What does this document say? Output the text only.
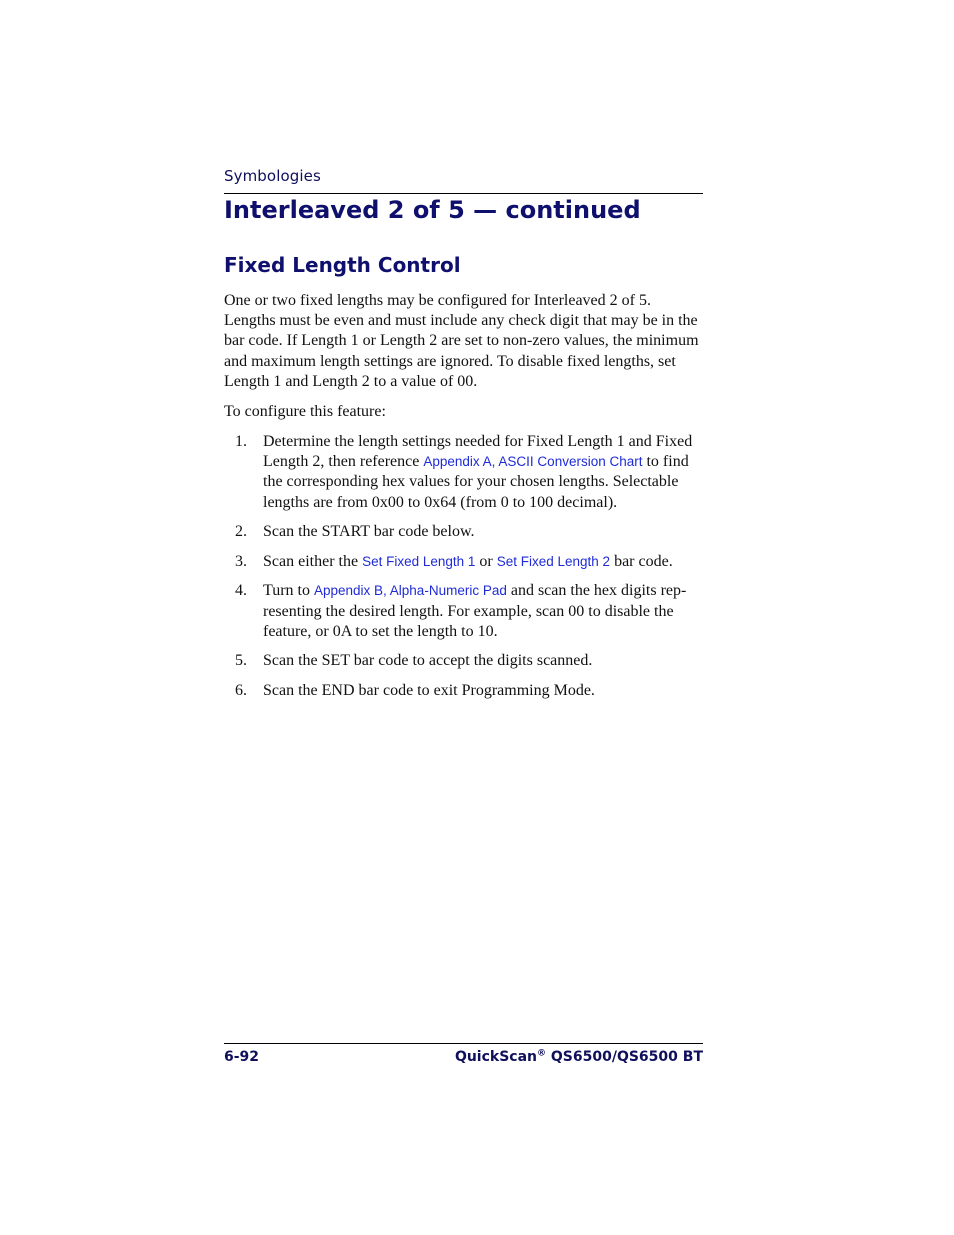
Symbologies
Interleaved 2 of 5 — continued
Fixed Length Control

One or two fixed lengths may be configured for Interleaved 2 of 5. Lengths must be even and must include any check digit that may be in the bar code. If Length 1 or Length 2 are set to non-zero values, the minimum and maximum length settings are ignored. To disable fixed lengths, set Length 1 and Length 2 to a value of 00.

To configure this feature:

1. Determine the length settings needed for Fixed Length 1 and Fixed Length 2, then reference Appendix A, ASCII Conversion Chart to find the corresponding hex values for your chosen lengths. Selectable lengths are from 0x00 to 0x64 (from 0 to 100 decimal).
2. Scan the START bar code below.
3. Scan either the Set Fixed Length 1 or Set Fixed Length 2 bar code.
4. Turn to Appendix B, Alpha-Numeric Pad and scan the hex digits representing the desired length. For example, scan 00 to disable the feature, or 0A to set the length to 10.
5. Scan the SET bar code to accept the digits scanned.
6. Scan the END bar code to exit Programming Mode.
6-92	QuickScan® QS6500/QS6500 BT
